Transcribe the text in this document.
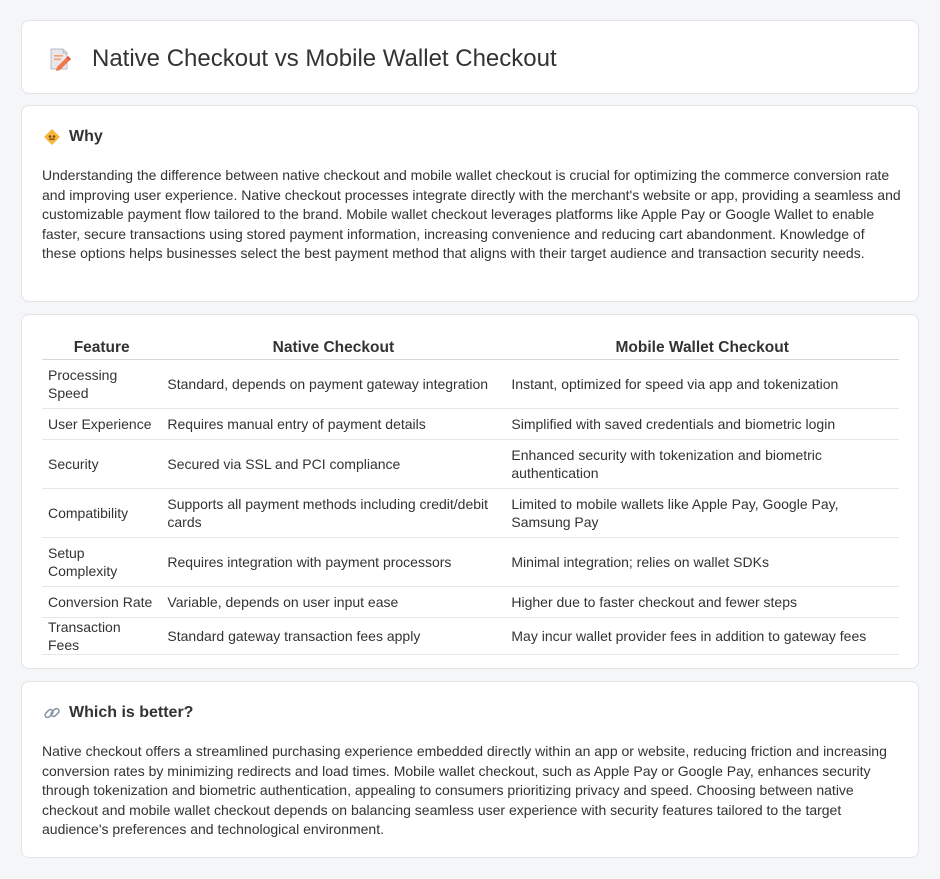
Native Checkout vs Mobile Wallet Checkout
Why

Understanding the difference between native checkout and mobile wallet checkout is crucial for optimizing the commerce conversion rate and improving user experience. Native checkout processes integrate directly with the merchant's website or app, providing a seamless and customizable payment flow tailored to the brand. Mobile wallet checkout leverages platforms like Apple Pay or Google Wallet to enable faster, secure transactions using stored payment information, increasing convenience and reducing cart abandonment. Knowledge of these options helps businesses select the best payment method that aligns with their target audience and transaction security needs.

Feature		Native Checkout		Mobile Wallet Checkout
Processing Speed		Standard, depends on payment gateway integration		Instant, optimized for speed via app and tokenization
User Experience		Requires manual entry of payment details		Simplified with saved credentials and biometric login
Security		Secured via SSL and PCI compliance		Enhanced security with tokenization and biometric authentication
Compatibility		Supports all payment methods including credit/debit cards		Limited to mobile wallets like Apple Pay, Google Pay, Samsung Pay
Setup Complexity		Requires integration with payment processors		Minimal integration; relies on wallet SDKs
Conversion Rate		Variable, depends on user input ease		Higher due to faster checkout and fewer steps
Transaction Fees		Standard gateway transaction fees apply		May incur wallet provider fees in addition to gateway fees
Which is better?

Native checkout offers a streamlined purchasing experience embedded directly within an app or website, reducing friction and increasing conversion rates by minimizing redirects and load times. Mobile wallet checkout, such as Apple Pay or Google Pay, enhances security through tokenization and biometric authentication, appealing to consumers prioritizing privacy and speed. Choosing between native checkout and mobile wallet checkout depends on balancing seamless user experience with security features tailored to the target audience's preferences and technological environment.
